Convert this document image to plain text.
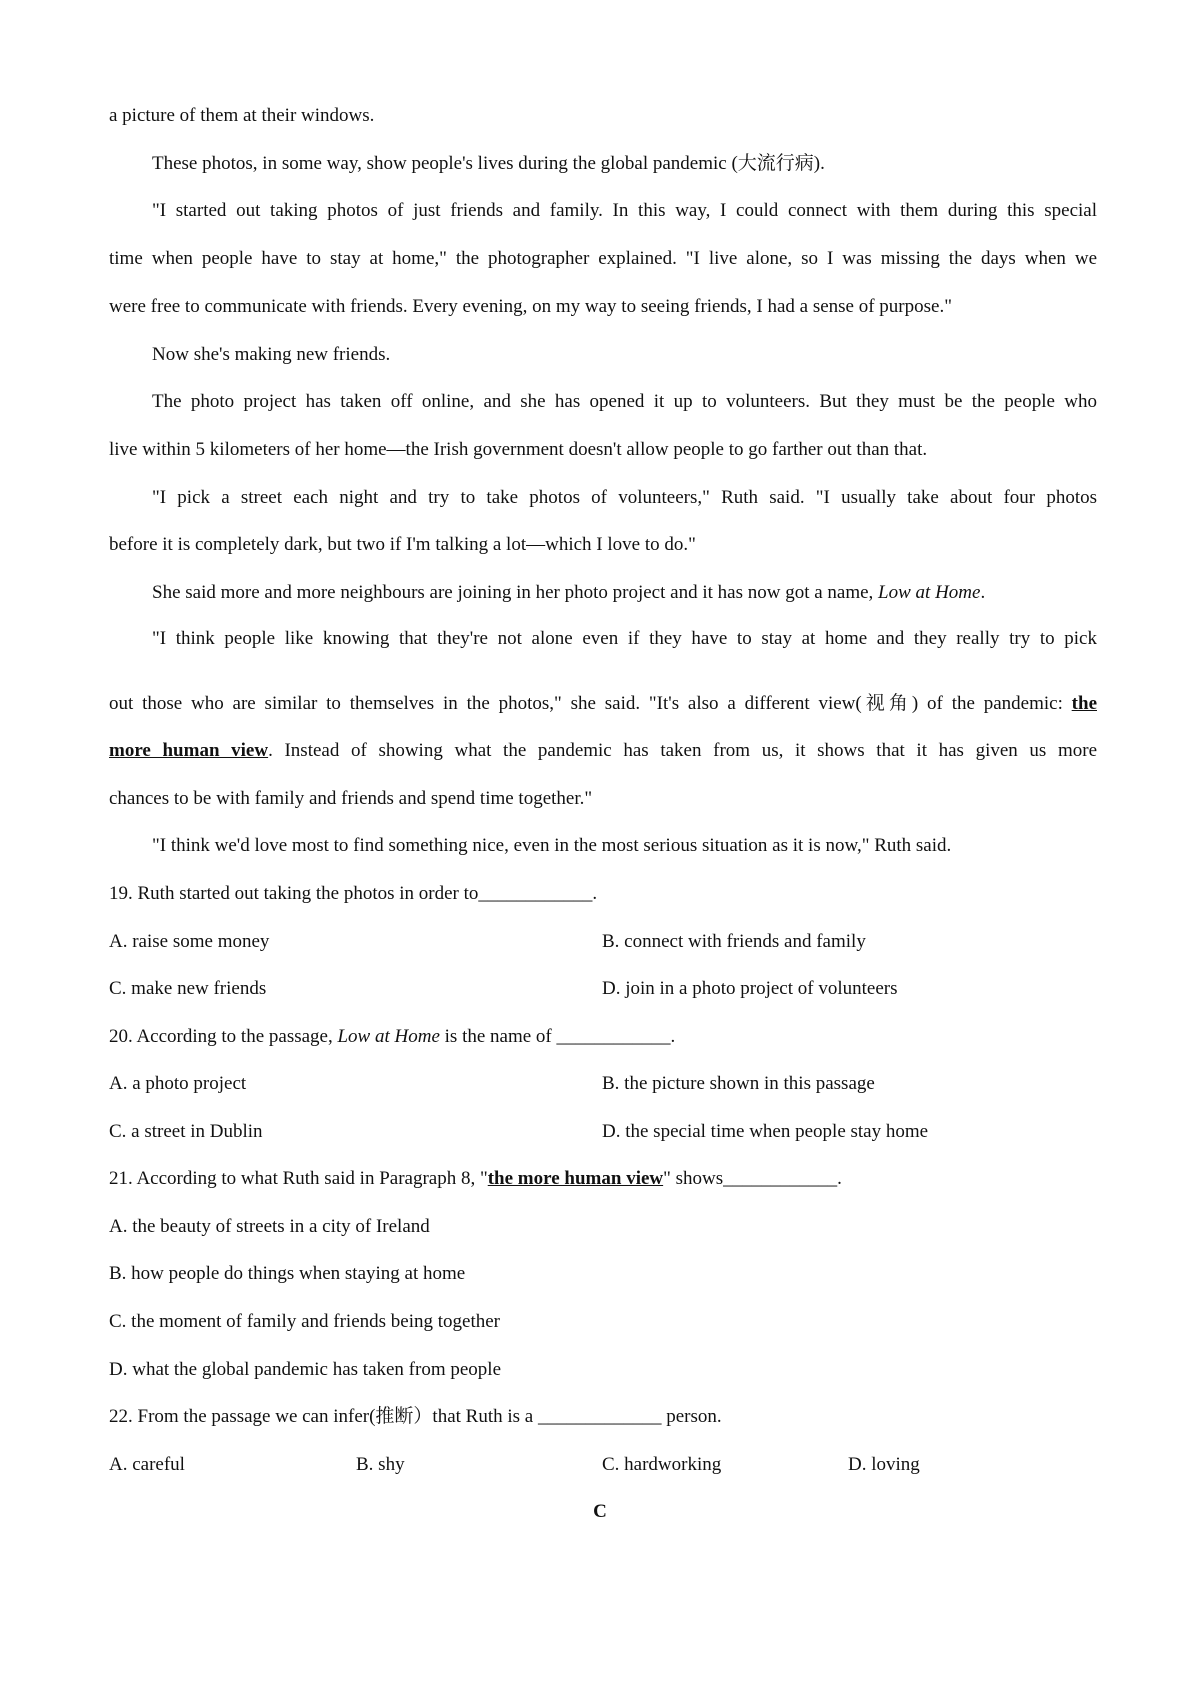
a picture of them at their windows.

These photos, in some way, show people's lives during the global pandemic (大流行病).

"I started out taking photos of just friends and family. In this way, I could connect with them during this special

time when people have to stay at home," the photographer explained. "I live alone, so I was missing the days when we

were free to communicate with friends. Every evening, on my way to seeing friends, I had a sense of purpose."

Now she's making new friends.

The photo project has taken off online, and she has opened it up to volunteers. But they must be the people who

live within 5 kilometers of her home—the Irish government doesn't allow people to go farther out than that.

"I pick a street each night and try to take photos of volunteers," Ruth said. "I usually take about four photos

before it is completely dark, but two if I'm talking a lot—which I love to do."

She said more and more neighbours are joining in her photo project and it has now got a name, Low at Home.

"I think people like knowing that they're not alone even if they have to stay at home and they really try to pick

out those who are similar to themselves in the photos," she said. "It's also a different view(视角) of the pandemic: the

more human view. Instead of showing what the pandemic has taken from us, it shows that it has given us more

chances to be with family and friends and spend time together."

"I think we'd love most to find something nice, even in the most serious situation as it is now," Ruth said.

19. Ruth started out taking the photos in order to____________.

A. raise some money	B. connect with friends and family

C. make new friends	D. join in a photo project of volunteers

20. According to the passage, Low at Home is the name of ____________.

A. a photo project	B. the picture shown in this passage

C. a street in Dublin	D. the special time when people stay home

21. According to what Ruth said in Paragraph 8, "the more human view" shows____________.

A. the beauty of streets in a city of Ireland

B. how people do things when staying at home

C. the moment of family and friends being together

D. what the global pandemic has taken from people

22. From the passage we can infer(推断）that Ruth is a _____________ person.

A. careful	B. shy	C. hardworking	D. loving

C
